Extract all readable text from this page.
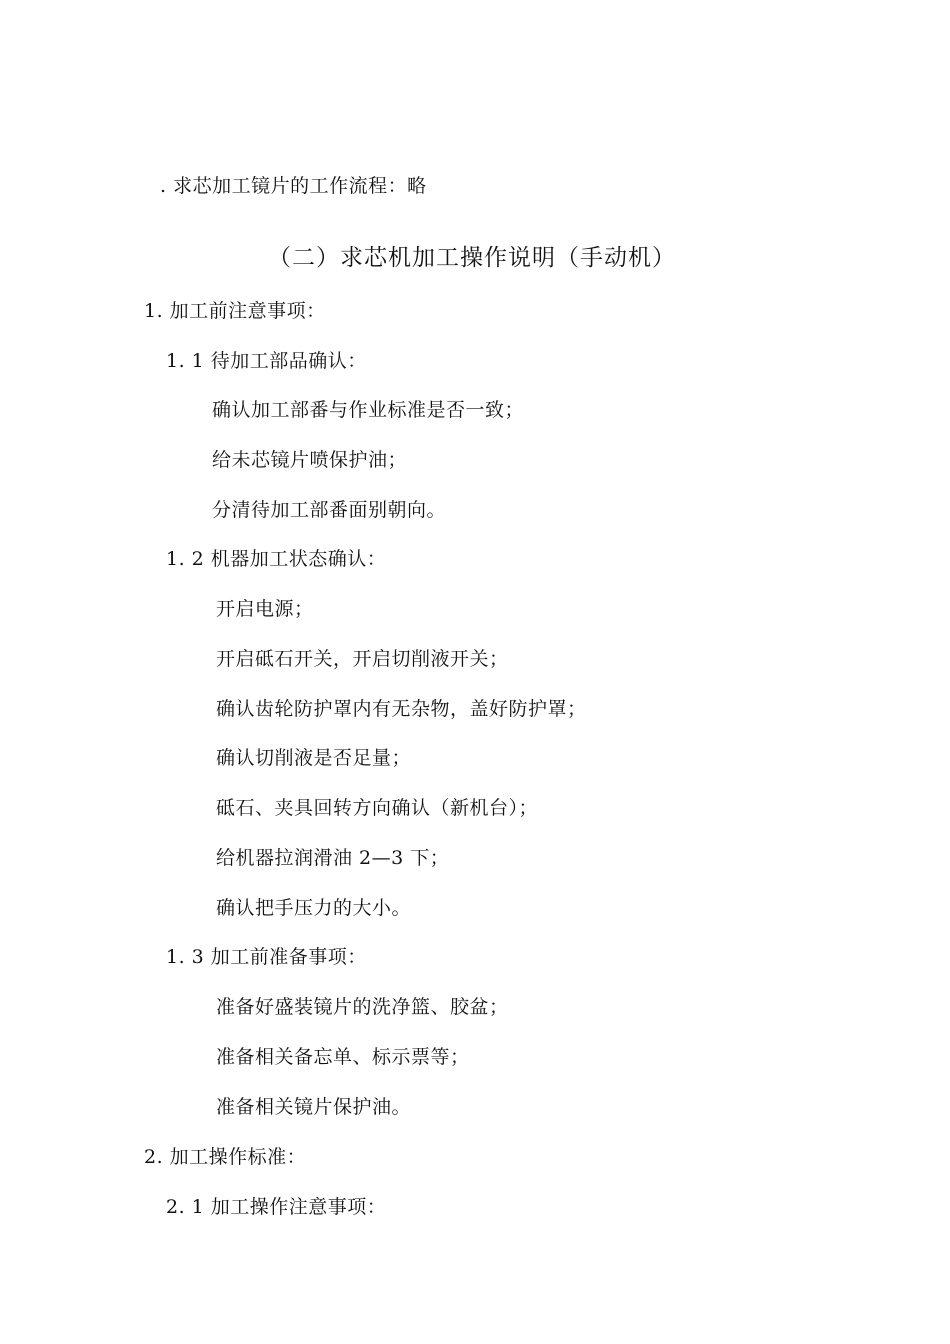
. 求芯加工镜片的工作流程：略
（二）求芯机加工操作说明（手动机）
1. 加工前注意事项：
1. 1 待加工部品确认：
确认加工部番与作业标准是否一致；
给未芯镜片喷保护油；
分清待加工部番面别朝向。
1. 2 机器加工状态确认：
开启电源；
开启砥石开关，开启切削液开关；
确认齿轮防护罩内有无杂物，盖好防护罩；
确认切削液是否足量；
砥石、夹具回转方向确认（新机台）；
给机器拉润滑油 2—3 下；
确认把手压力的大小。
1. 3 加工前准备事项：
准备好盛装镜片的洗净篮、胶盆；
准备相关备忘单、标示票等；
准备相关镜片保护油。
2. 加工操作标准：
2. 1 加工操作注意事项：
